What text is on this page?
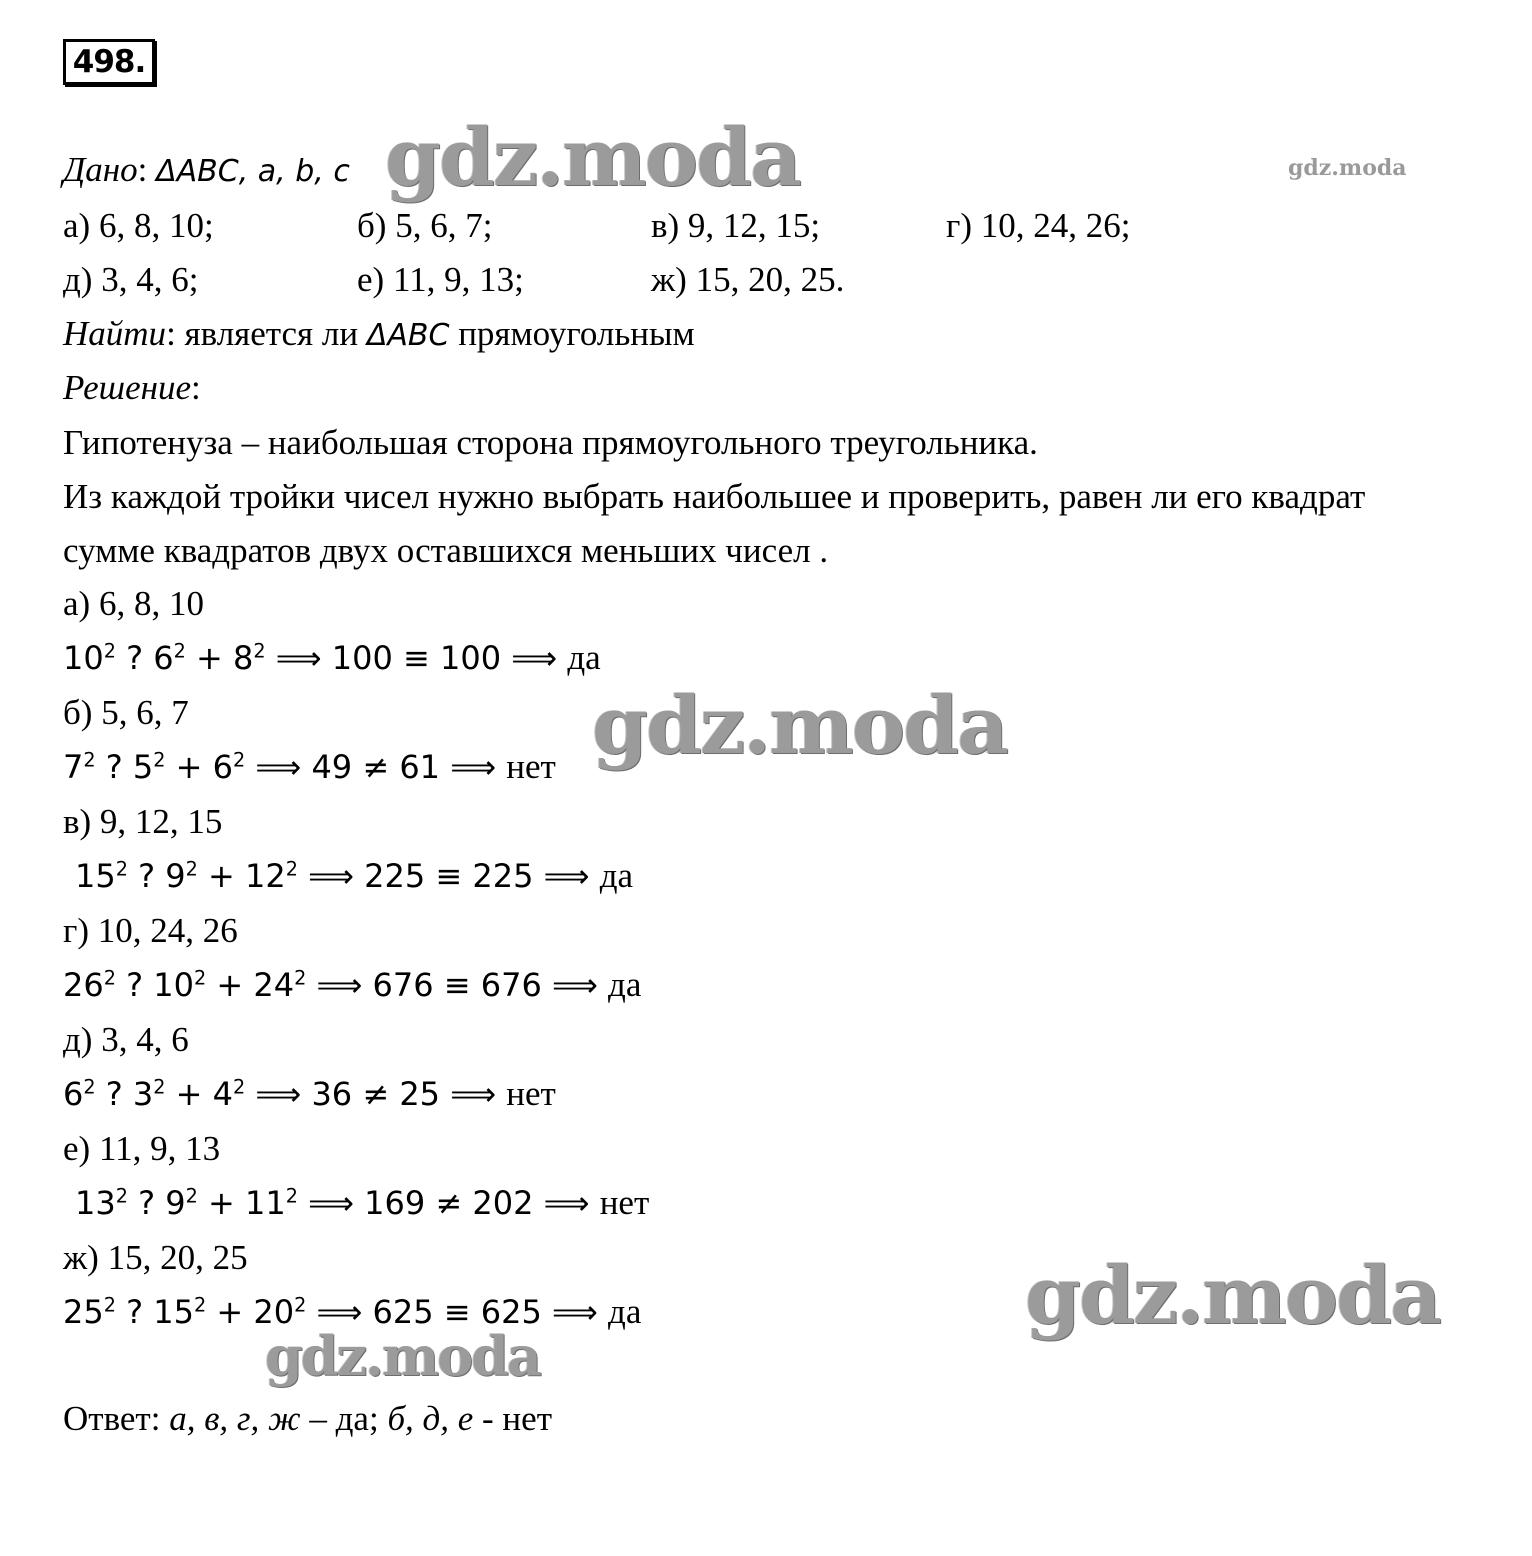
498.
Дано: ΔABC, a, b, c
а) 6, 8, 10;	б) 5, 6, 7;	в) 9, 12, 15;	г) 10, 24, 26;
д) 3, 4, 6;	е) 11, 9, 13;	ж) 15, 20, 25.
Найти: является ли ΔABC прямоугольным
Решение:
Гипотенуза – наибольшая сторона прямоугольного треугольника.
Из каждой тройки чисел нужно выбрать наибольшее и проверить, равен ли его квадрат
сумме квадратов двух оставшихся меньших чисел .
а) 6, 8, 10
$10^2$ ? $6^2 + 8^2$ ⟹ 100 ≡ 100 ⟹ да
б) 5, 6, 7
$7^2$ ? $5^2 + 6^2$ ⟹ 49 ≠ 61 ⟹ нет
в) 9, 12, 15
$15^2$ ? $9^2 + 12^2$ ⟹ 225 ≡ 225 ⟹ да
г) 10, 24, 26
$26^2$ ? $10^2 + 24^2$ ⟹ 676 ≡ 676 ⟹ да
д) 3, 4, 6
$6^2$ ? $3^2 + 4^2$ ⟹ 36 ≠ 25 ⟹ нет
е) 11, 9, 13
$13^2$ ? $9^2 + 11^2$ ⟹ 169 ≠ 202 ⟹ нет
ж) 15, 20, 25
$25^2$ ? $15^2 + 20^2$ ⟹ 625 ≡ 625 ⟹ да
Ответ: а, в, г, ж – да; б, д, е - нет
gdz.moda	gdz.moda
gdz.moda
gdz.moda
gdz.moda
